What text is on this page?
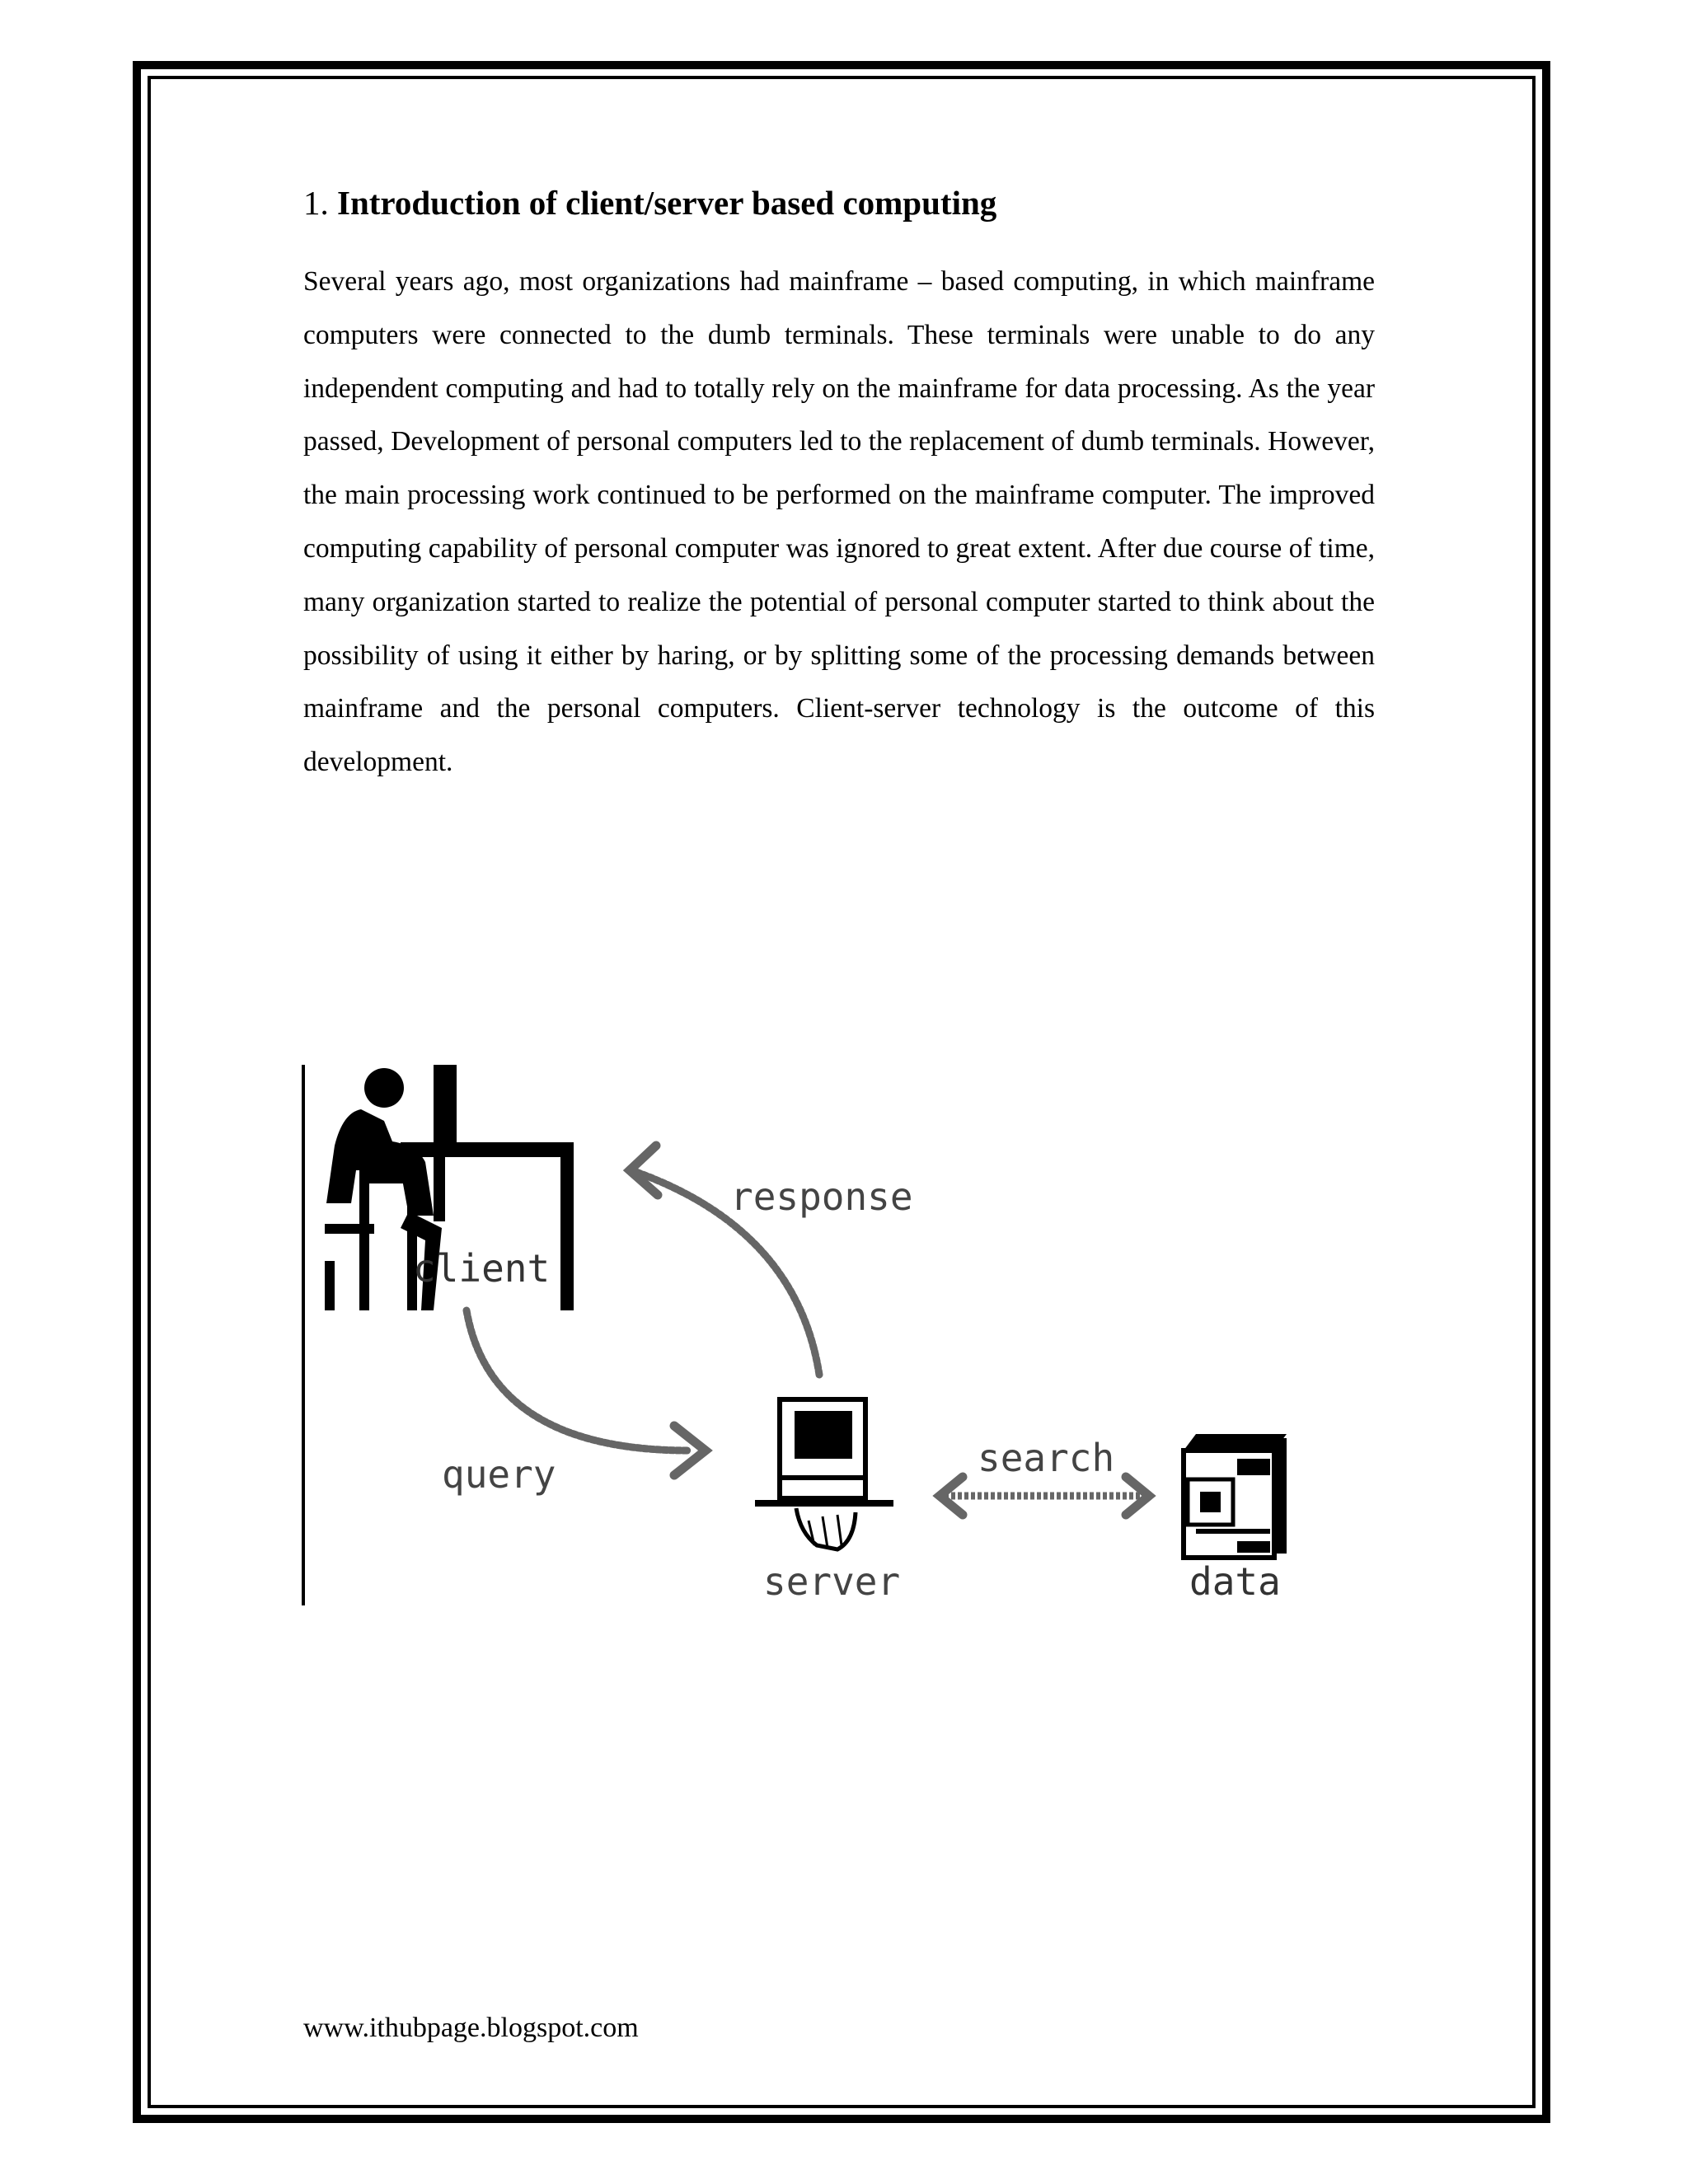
1. Introduction of client/server based computing
Several years ago, most organizations had mainframe – based computing, in which mainframe computers were connected to the dumb terminals. These terminals were unable to do any independent computing and had to totally rely on the mainframe for data processing. As the year passed, Development of personal computers led to the replacement of dumb terminals. However, the main processing work continued to be performed on the mainframe computer. The improved computing capability of personal computer was ignored to great extent. After due course of time, many organization started to realize the potential of personal computer started to think about the possibility of using it either by haring, or by splitting some of the processing demands between mainframe and the personal computers. Client-server technology is the outcome of this development.
client
response
query	search
server	data
www.ithubpage.blogspot.com
